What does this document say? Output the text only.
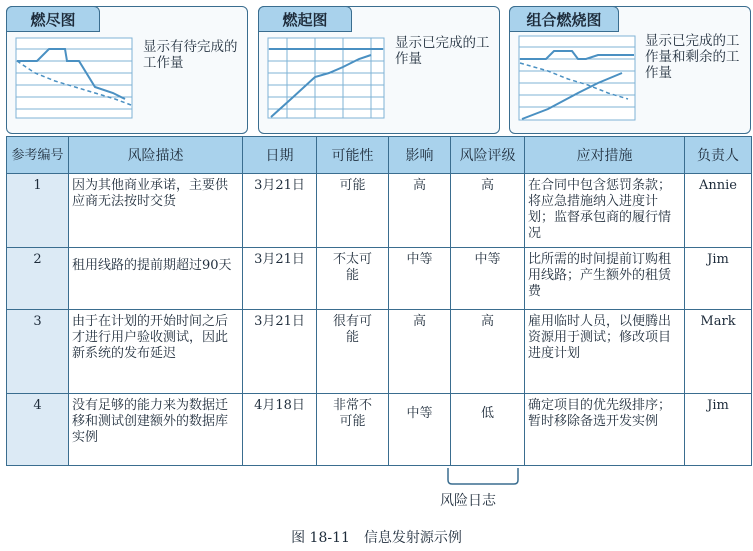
燃尽图
显示有待完成的工作量
燃起图
显示已完成的工作量
组合燃烧图
显示已完成的工作量和剩余的工作量
参考编号	风险描述	日期	可能性	影响	风险评级	应对措施	负责人
1	因为其他商业承诺，主要供应商无法按时交货	3月21日	可能	高	高	在合同中包含惩罚条款；将应急措施纳入进度计划；监督承包商的履行情况	Annie
2	租用线路的提前期超过90天	3月21日	不太可能	中等	中等	比所需的时间提前订购租用线路；产生额外的租赁费	Jim
3	由于在计划的开始时间之后才进行用户验收测试，因此新系统的发布延迟	3月21日	很有可能	高	高	雇用临时人员，以便腾出资源用于测试；修改项目进度计划	Mark
4	没有足够的能力来为数据迁移和测试创建额外的数据库实例	4月18日	非常不可能	中等	低	确定项目的优先级排序；暂时移除备选开发实例	Jim
风险日志
图 18-11　信息发射源示例
